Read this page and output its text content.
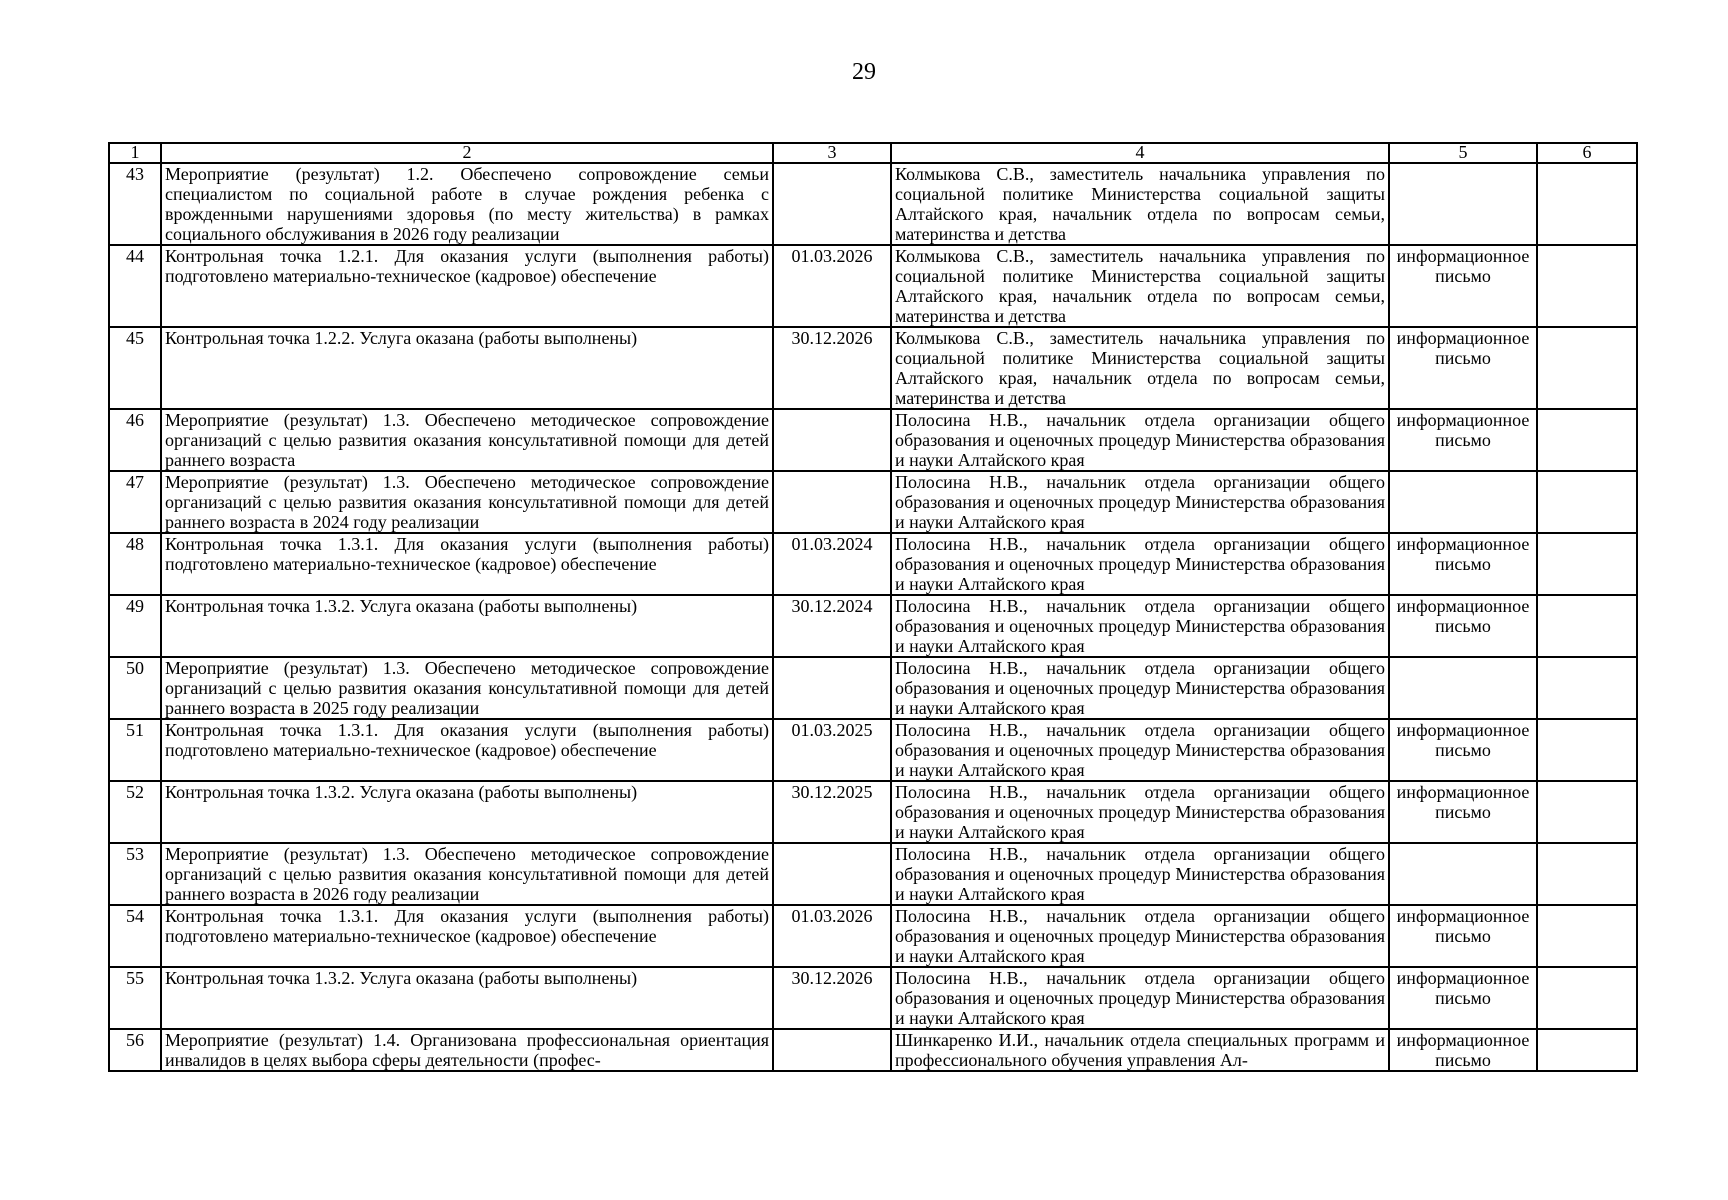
29
1	2	3	4	5	6
43	Мероприятие (результат) 1.2. Обеспечено сопровождение семьи специалистом по социальной работе в случае рождения ребенка с врожденными нарушениями здоровья (по месту жительства) в рамках социального обслуживания в 2026 году реализации		Колмыкова С.В., заместитель начальника управления по социальной политике Министерства социальной защиты Алтайского края, начальник отдела по вопросам семьи, материнства и детства		
44	Контрольная точка 1.2.1. Для оказания услуги (выполнения работы) подготовлено материально-техническое (кадровое) обеспечение	01.03.2026	Колмыкова С.В., заместитель начальника управления по социальной политике Министерства социальной защиты Алтайского края, начальник отдела по вопросам семьи, материнства и детства	информационное письмо	
45	Контрольная точка 1.2.2. Услуга оказана (работы выполнены)	30.12.2026	Колмыкова С.В., заместитель начальника управления по социальной политике Министерства социальной защиты Алтайского края, начальник отдела по вопросам семьи, материнства и детства	информационное письмо	
46	Мероприятие (результат) 1.3. Обеспечено методическое сопровождение организаций с целью развития оказания консультативной помощи для детей раннего возраста		Полосина Н.В., начальник отдела организации общего образования и оценочных процедур Министерства образования и науки Алтайского края	информационное письмо	
47	Мероприятие (результат) 1.3. Обеспечено методическое сопровождение организаций с целью развития оказания консультативной помощи для детей раннего возраста в 2024 году реализации		Полосина Н.В., начальник отдела организации общего образования и оценочных процедур Министерства образования и науки Алтайского края		
48	Контрольная точка 1.3.1. Для оказания услуги (выполнения работы) подготовлено материально-техническое (кадровое) обеспечение	01.03.2024	Полосина Н.В., начальник отдела организации общего образования и оценочных процедур Министерства образования и науки Алтайского края	информационное письмо	
49	Контрольная точка 1.3.2. Услуга оказана (работы выполнены)	30.12.2024	Полосина Н.В., начальник отдела организации общего образования и оценочных процедур Министерства образования и науки Алтайского края	информационное письмо	
50	Мероприятие (результат) 1.3. Обеспечено методическое сопровождение организаций с целью развития оказания консультативной помощи для детей раннего возраста в 2025 году реализации		Полосина Н.В., начальник отдела организации общего образования и оценочных процедур Министерства образования и науки Алтайского края		
51	Контрольная точка 1.3.1. Для оказания услуги (выполнения работы) подготовлено материально-техническое (кадровое) обеспечение	01.03.2025	Полосина Н.В., начальник отдела организации общего образования и оценочных процедур Министерства образования и науки Алтайского края	информационное письмо	
52	Контрольная точка 1.3.2. Услуга оказана (работы выполнены)	30.12.2025	Полосина Н.В., начальник отдела организации общего образования и оценочных процедур Министерства образования и науки Алтайского края	информационное письмо	
53	Мероприятие (результат) 1.3. Обеспечено методическое сопровождение организаций с целью развития оказания консультативной помощи для детей раннего возраста в 2026 году реализации		Полосина Н.В., начальник отдела организации общего образования и оценочных процедур Министерства образования и науки Алтайского края		
54	Контрольная точка 1.3.1. Для оказания услуги (выполнения работы) подготовлено материально-техническое (кадровое) обеспечение	01.03.2026	Полосина Н.В., начальник отдела организации общего образования и оценочных процедур Министерства образования и науки Алтайского края	информационное письмо	
55	Контрольная точка 1.3.2. Услуга оказана (работы выполнены)	30.12.2026	Полосина Н.В., начальник отдела организации общего образования и оценочных процедур Министерства образования и науки Алтайского края	информационное письмо	
56	Мероприятие (результат) 1.4. Организована профессиональная ориентация инвалидов в целях выбора сферы деятельности (профес-		Шинкаренко И.И., начальник отдела специальных программ и профессионального обучения управления Ал-	информационное письмо	
